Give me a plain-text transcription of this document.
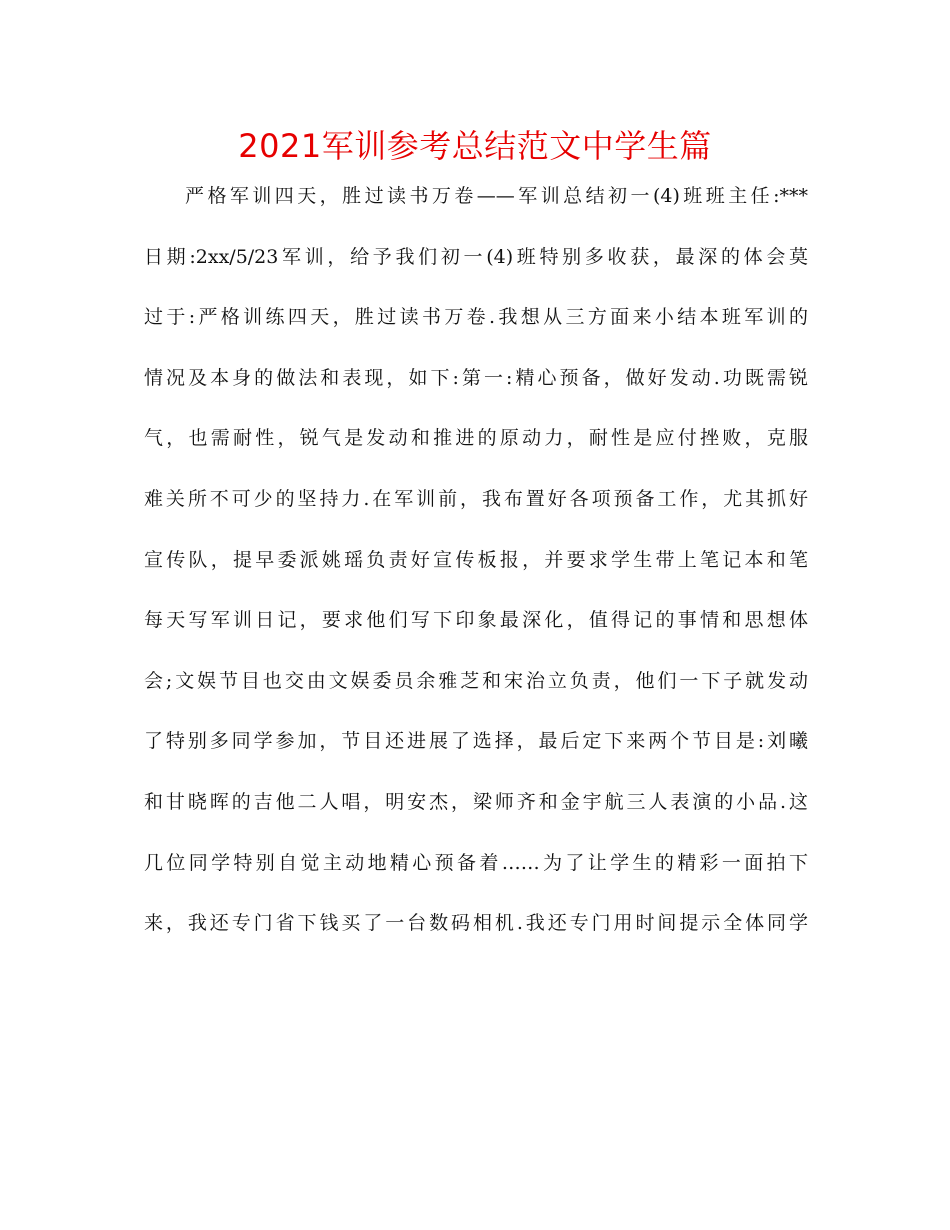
2021军训参考总结范文中学生篇
严格军训四天，胜过读书万卷——军训总结初一(4)班班主任:***
日期:2xx/5/23军训，给予我们初一(4)班特别多收获，最深的体会莫
过于:严格训练四天，胜过读书万卷.我想从三方面来小结本班军训的
情况及本身的做法和表现，如下:第一:精心预备，做好发动.功既需锐
气，也需耐性，锐气是发动和推进的原动力，耐性是应付挫败，克服
难关所不可少的坚持力.在军训前，我布置好各项预备工作，尤其抓好
宣传队，提早委派姚瑶负责好宣传板报，并要求学生带上笔记本和笔
每天写军训日记，要求他们写下印象最深化，值得记的事情和思想体
会;文娱节目也交由文娱委员余雅芝和宋治立负责，他们一下子就发动
了特别多同学参加，节目还进展了选择，最后定下来两个节目是:刘曦
和甘晓晖的吉他二人唱，明安杰，梁师齐和金宇航三人表演的小品.这
几位同学特别自觉主动地精心预备着……为了让学生的精彩一面拍下
来，我还专门省下钱买了一台数码相机.我还专门用时间提示全体同学
